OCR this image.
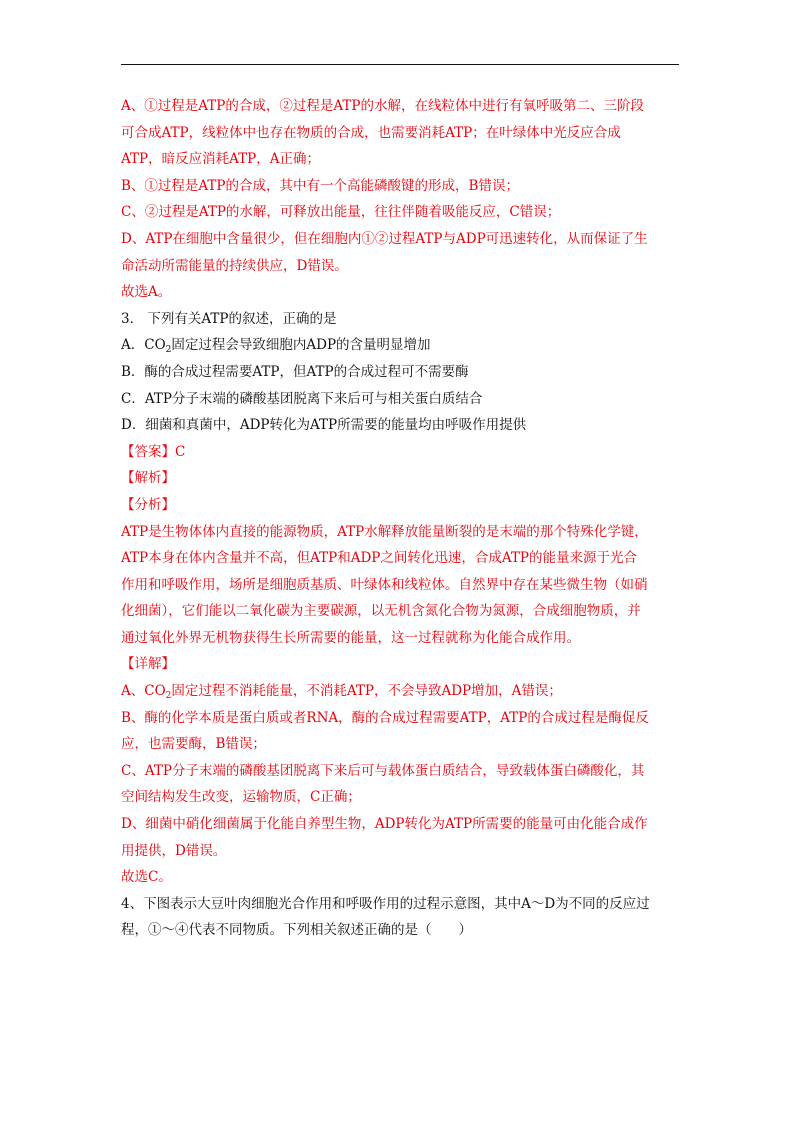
A、①过程是ATP的合成，②过程是ATP的水解，在线粒体中进行有氧呼吸第二、三阶段
可合成ATP，线粒体中也存在物质的合成，也需要消耗ATP；在叶绿体中光反应合成
ATP，暗反应消耗ATP，A正确；
B、①过程是ATP的合成，其中有一个高能磷酸键的形成，B错误；
C、②过程是ATP的水解，可释放出能量，往往伴随着吸能反应，C错误；
D、ATP在细胞中含量很少，但在细胞内①②过程ATP与ADP可迅速转化，从而保证了生
命活动所需能量的持续供应，D错误。
故选A。
3． 下列有关ATP的叙述，正确的是
A．$CO_2$固定过程会导致细胞内ADP的含量明显增加
B．酶的合成过程需要ATP，但ATP的合成过程可不需要酶
C．ATP分子末端的磷酸基团脱离下来后可与相关蛋白质结合
D．细菌和真菌中，ADP转化为ATP所需要的能量均由呼吸作用提供
【答案】C
【解析】
【分析】
ATP是生物体体内直接的能源物质，ATP水解释放能量断裂的是末端的那个特殊化学键，
ATP本身在体内含量并不高，但ATP和ADP之间转化迅速，合成ATP的能量来源于光合
作用和呼吸作用，场所是细胞质基质、叶绿体和线粒体。自然界中存在某些微生物（如硝
化细菌），它们能以二氧化碳为主要碳源，以无机含氮化合物为氮源，合成细胞物质，并
通过氧化外界无机物获得生长所需要的能量，这一过程就称为化能合成作用。
【详解】
A、$CO_2$固定过程不消耗能量，不消耗ATP，不会导致ADP增加，A错误；
B、酶的化学本质是蛋白质或者RNA，酶的合成过程需要ATP，ATP的合成过程是酶促反
应，也需要酶，B错误；
C、ATP分子末端的磷酸基团脱离下来后可与载体蛋白质结合，导致载体蛋白磷酸化，其
空间结构发生改变，运输物质，C正确；
D、细菌中硝化细菌属于化能自养型生物，ADP转化为ATP所需要的能量可由化能合成作
用提供，D错误。
故选C。
4、下图表示大豆叶肉细胞光合作用和呼吸作用的过程示意图，其中A～D为不同的反应过
程，①～④代表不同物质。下列相关叙述正确的是（　　）
